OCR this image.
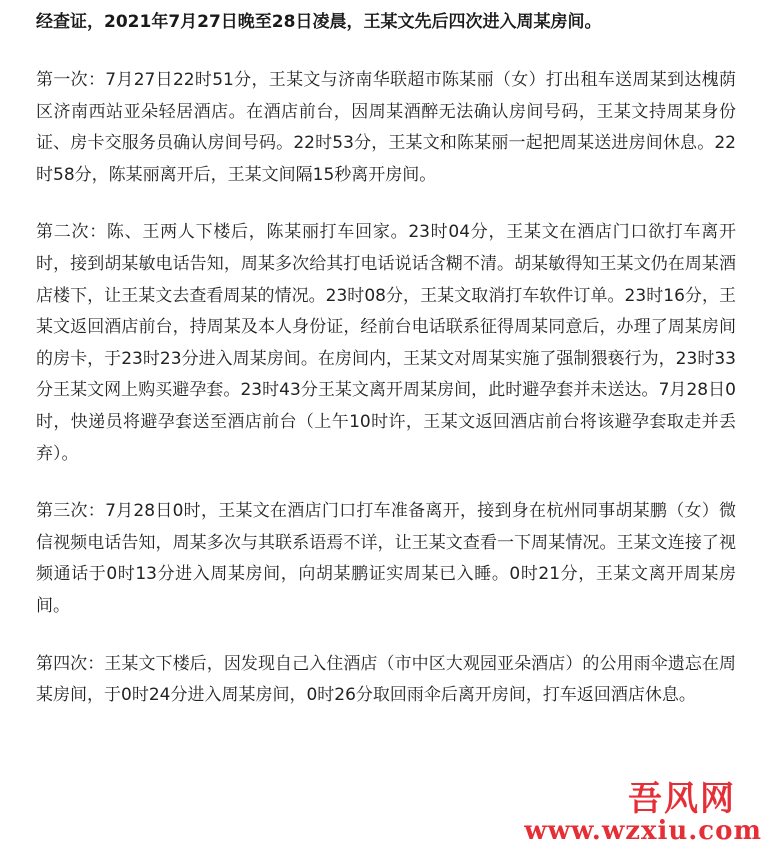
经查证，2021年7月27日晚至28日凌晨，王某文先后四次进入周某房间。

第一次：7月27日22时51分，王某文与济南华联超市陈某丽（女）打出租车送周某到达槐荫区济南西站亚朵轻居酒店。在酒店前台，因周某酒醉无法确认房间号码，王某文持周某身份证、房卡交服务员确认房间号码。22时53分，王某文和陈某丽一起把周某送进房间休息。22时58分，陈某丽离开后，王某文间隔15秒离开房间。

第二次：陈、王两人下楼后，陈某丽打车回家。23时04分，王某文在酒店门口欲打车离开时，接到胡某敏电话告知，周某多次给其打电话说话含糊不清。胡某敏得知王某文仍在周某酒店楼下，让王某文去查看周某的情况。23时08分，王某文取消打车软件订单。23时16分，王某文返回酒店前台，持周某及本人身份证，经前台电话联系征得周某同意后，办理了周某房间的房卡，于23时23分进入周某房间。在房间内，王某文对周某实施了强制猥亵行为，23时33分王某文网上购买避孕套。23时43分王某文离开周某房间，此时避孕套并未送达。7月28日0时，快递员将避孕套送至酒店前台（上午10时许，王某文返回酒店前台将该避孕套取走并丢弃）。

第三次：7月28日0时，王某文在酒店门口打车准备离开，接到身在杭州同事胡某鹏（女）微信视频电话告知，周某多次与其联系语焉不详，让王某文查看一下周某情况。王某文连接了视频通话于0时13分进入周某房间，向胡某鹏证实周某已入睡。0时21分，王某文离开周某房间。

第四次：王某文下楼后，因发现自己入住酒店（市中区大观园亚朵酒店）的公用雨伞遗忘在周某房间，于0时24分进入周某房间，0时26分取回雨伞后离开房间，打车返回酒店休息。

吾风网
www.wzxiu.com
